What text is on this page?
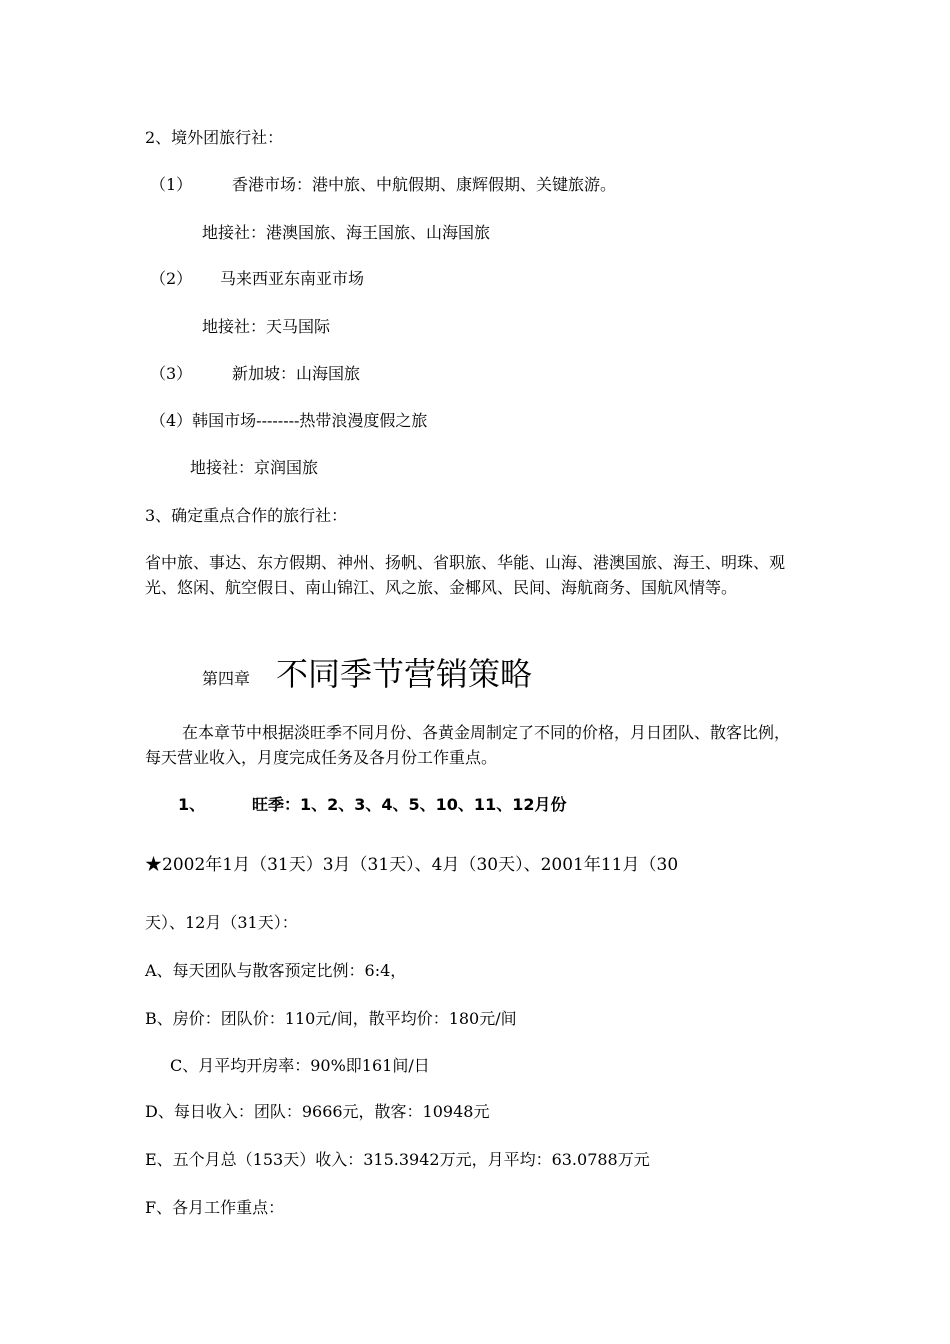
2、境外团旅行社：
（1） 香港市场：港中旅、中航假期、康辉假期、关键旅游。
地接社：港澳国旅、海王国旅、山海国旅
（2） 马来西亚东南亚市场
地接社：天马国际
（3） 新加坡：山海国旅
（4）韩国市场--------热带浪漫度假之旅
地接社：京润国旅
3、确定重点合作的旅行社：
省中旅、事达、东方假期、神州、扬帆、省职旅、华能、山海、港澳国旅、海王、明珠、观光、悠闲、航空假日、南山锦江、风之旅、金椰风、民间、海航商务、国航风情等。
第四章 不同季节营销策略
在本章节中根据淡旺季不同月份、各黄金周制定了不同的价格，月日团队、散客比例，每天营业收入，月度完成任务及各月份工作重点。
1、	旺季：1、2、3、4、5、10、11、12月份
★2002年1月（31天）3月（31天）、4月（30天）、2001年11月（30
天）、12月（31天）：
A、每天团队与散客预定比例：6:4，
B、房价：团队价：110元/间，散平均价：180元/间
C、月平均开房率：90%即161间/日
D、每日收入：团队：9666元，散客：10948元
E、五个月总（153天）收入：315.3942万元，月平均：63.0788万元
F、各月工作重点：
